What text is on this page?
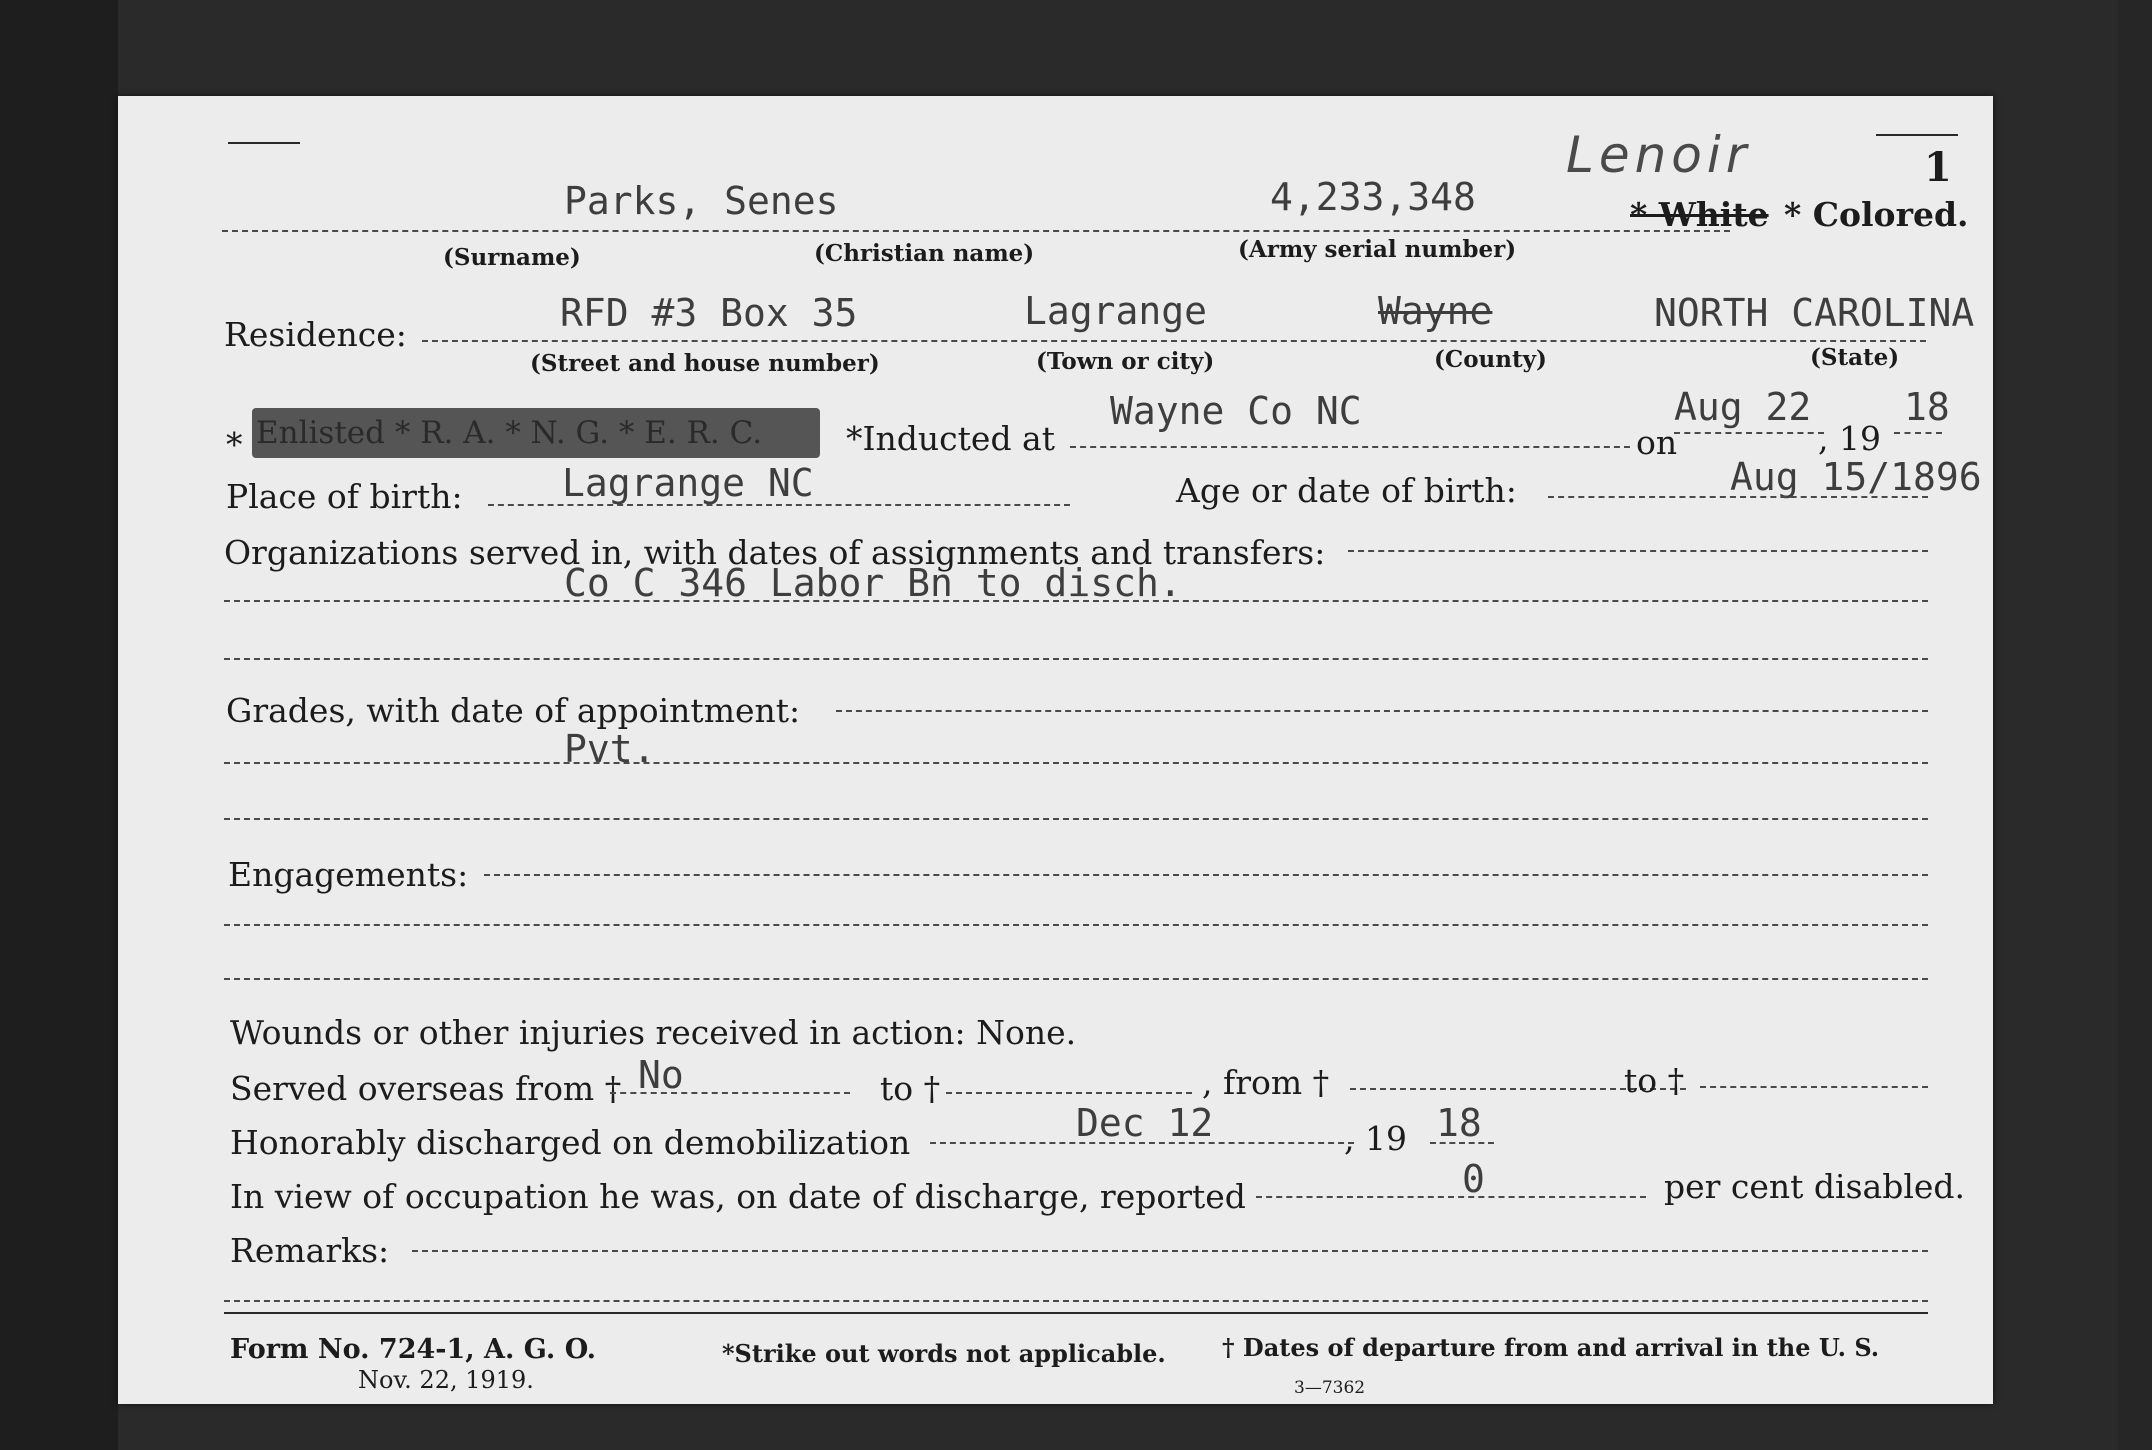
1
Lenoir
Parks, Senes	4,233,348	* White * Colored.
(Surname)	(Christian name)	(Army serial number)
Residence:	RFD #3 Box 35	Lagrange	Wayne	NORTH CAROLINA
(Street and house number)	(Town or city)	(County)	(State)
* Enlisted * R. A. * N. G. * E. R. C.	*Inducted at
Wayne Co NC
on
Aug 22
, 19
18
Place of birth:	Lagrange NC	Age or date of birth:	Aug 15/1896
Organizations served in, with dates of assignments and transfers:
Co C 346 Labor Bn to disch.
Grades, with date of appointment:
Pvt.
Engagements:
Wounds or other injuries received in action: None.
Served overseas from † No	to †	, from †	to †
Honorably discharged on demobilization	Dec 12	, 19 18
In view of occupation he was, on date of discharge, reported	0	per cent disabled.
Remarks:
Form No. 724-1, A. G. O.
Nov. 22, 1919.
*Strike out words not applicable. † Dates of departure from and arrival in the U. S.
3—7362
